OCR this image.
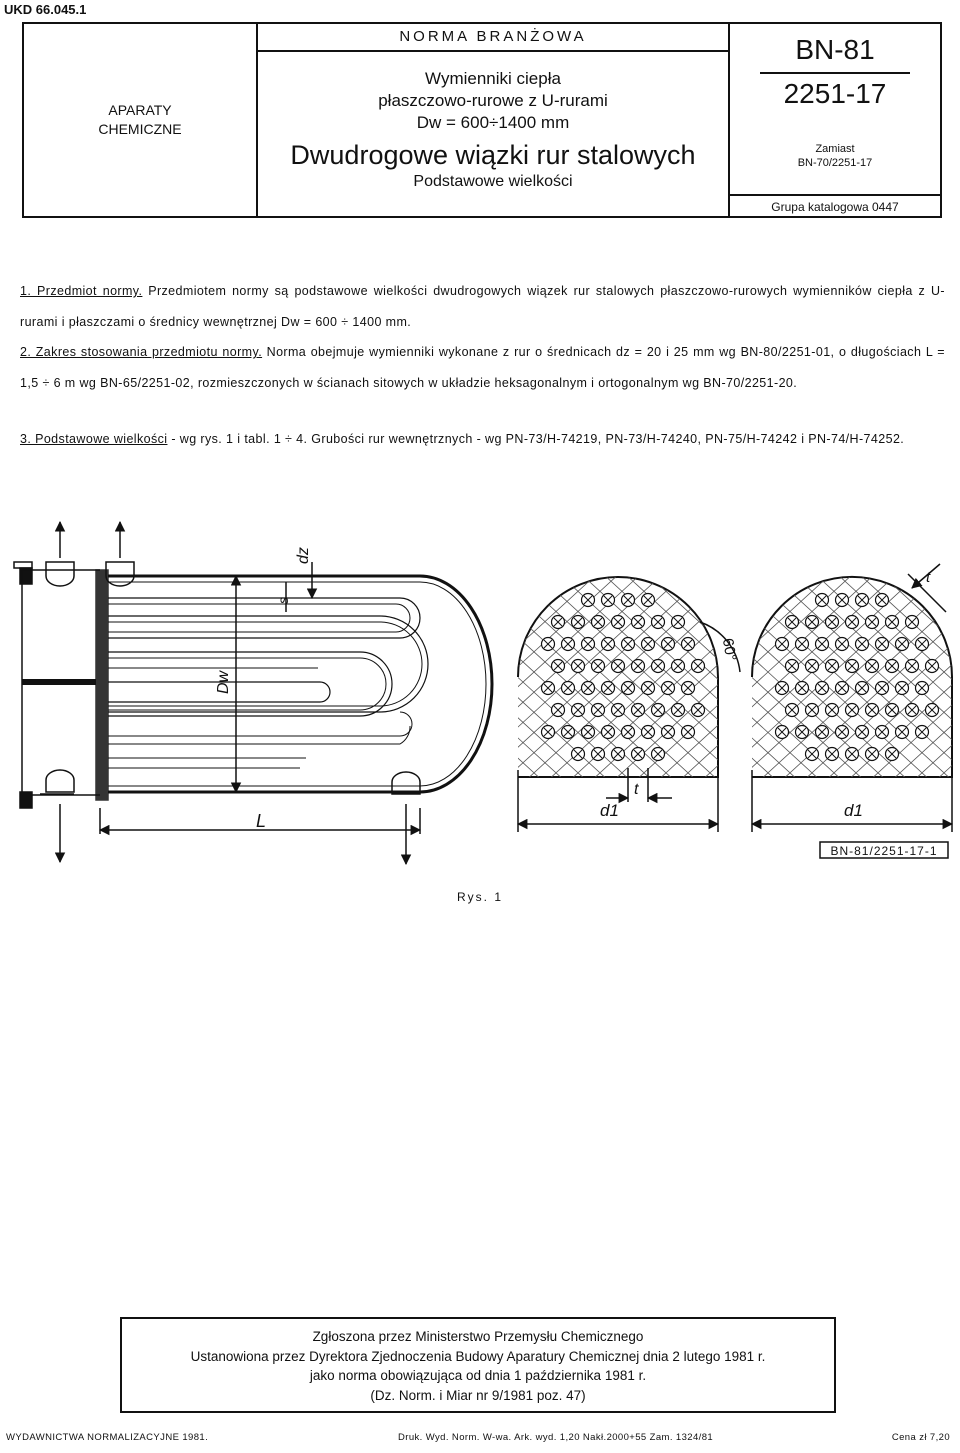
UKD 66.045.1
APARATY
CHEMICZNE
NORMA BRANŻOWA
Wymienniki ciepła
płaszczowo-rurowe z U-rurami
Dw = 600÷1400 mm
Dwudrogowe wiązki rur stalowych
Podstawowe wielkości
BN-81
2251-17
Zamiast
BN-70/2251-17
Grupa katalogowa 0447
1. Przedmiot normy. Przedmiotem normy są podstawowe wielkości dwudrogowych wiązek rur stalowych płaszczowo-rurowych wymienników ciepła z U-rurami i płaszczami o średnicy wewnętrznej Dw = 600 ÷ 1400 mm.
2. Zakres stosowania przedmiotu normy. Norma obejmuje wymienniki wykonane z rur o średnicach dz = 20 i 25 mm wg BN-80/2251-01, o długościach L = 1,5 ÷ 6 m wg BN-65/2251-02, rozmieszczonych w ścianach sitowych w układzie heksagonalnym i ortogonalnym wg BN-70/2251-20.
3. Podstawowe wielkości - wg rys. 1 i tabl. 1 ÷ 4. Grubości rur wewnętrznych - wg PN-73/H-74219, PN-73/H-74240, PN-75/H-74242 i PN-74/H-74252.
dz
s
Dw
L
d1
t
d1
t
60°
BN-81/2251-17-1
Rys. 1
Zgłoszona przez Ministerstwo Przemysłu Chemicznego
Ustanowiona przez Dyrektora Zjednoczenia Budowy Aparatury Chemicznej dnia 2 lutego 1981 r.
jako norma obowiązująca od dnia 1 października 1981 r.
(Dz. Norm. i Miar nr 9/1981 poz. 47)
WYDAWNICTWA NORMALIZACYJNE 1981.	Druk. Wyd. Norm. W-wa. Ark. wyd. 1,20 Nakł.2000+55 Zam. 1324/81	Cena zł 7,20
